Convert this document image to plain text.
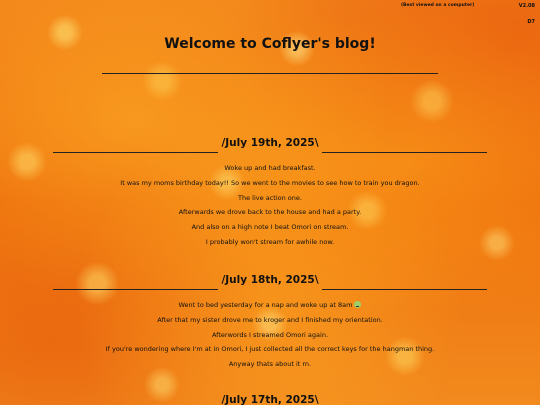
(Best viewed on a computer)	V2.08
D7
Welcome to Coflyer's blog!
/July 19th, 2025\
Woke up and had breakfast.
It was my moms birthday today!! So we went to the movies to see how to train you dragon.
The live action one.
Afterwards we drove back to the house and had a party.
And also on a high note I beat Omori on stream.
I probably won't stream for awhile now.
/July 18th, 2025\
Went to bed yesterday for a nap and woke up at 8am
After that my sister drove me to kroger and I finished my orientation.
Afterwords I streamed Omori again.
If you're wondering where I'm at in Omori, I just collected all the correct keys for the hangman thing.
Anyway thats about it rn.
/July 17th, 2025\
